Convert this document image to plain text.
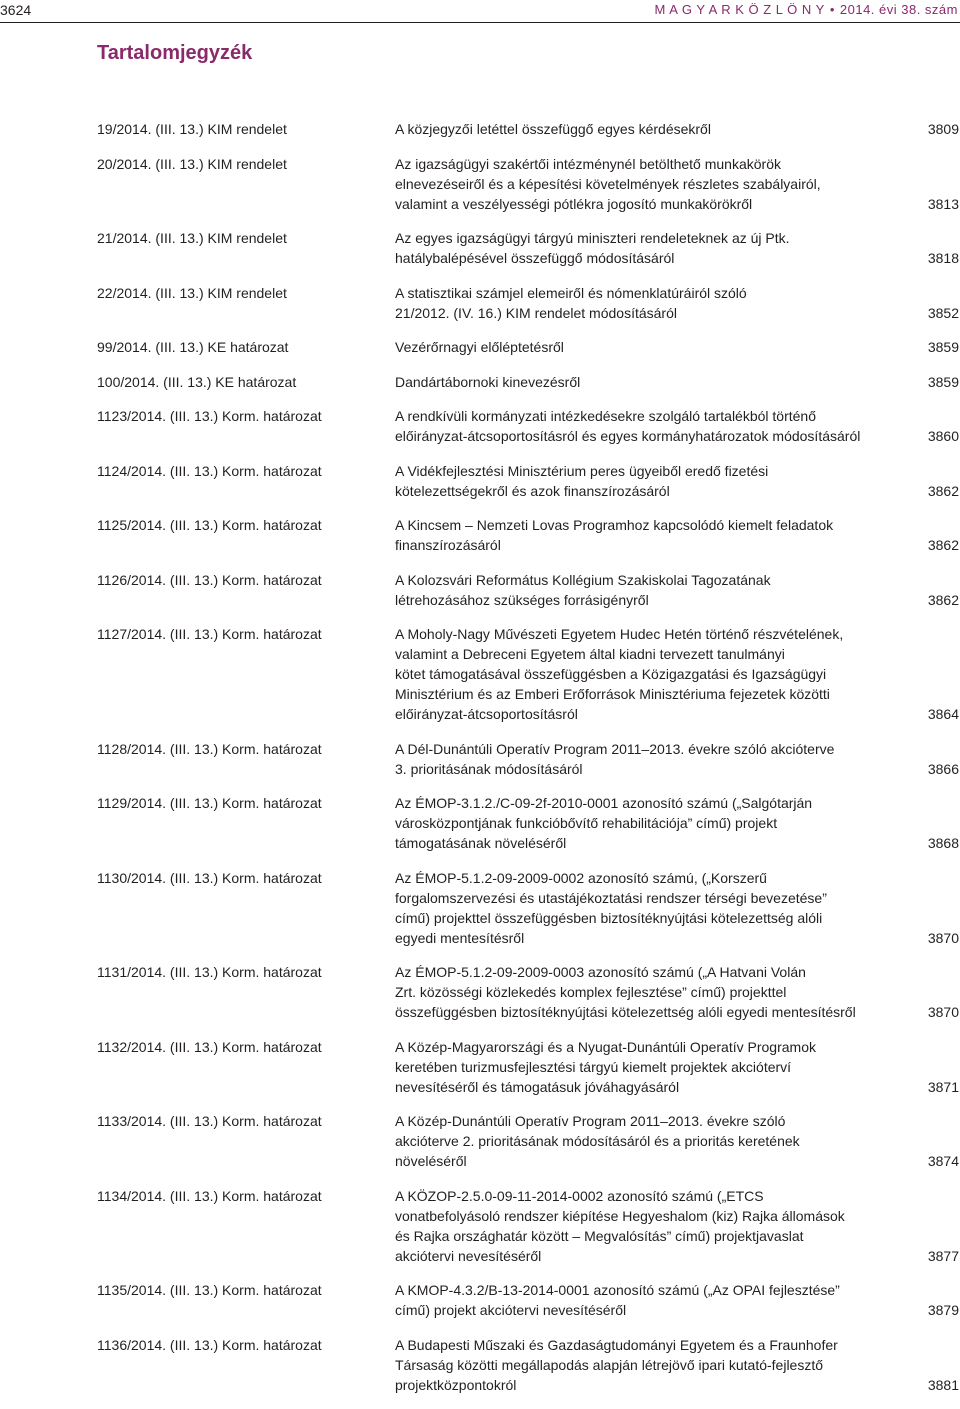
3624	M A G Y A R K Ö Z L Ö N Y • 2014. évi 38. szám
Tartalomjegyzék
19/2014. (III. 13.) KIM rendelet	A közjegyzői letéttel összefüggő egyes kérdésekről	3809
20/2014. (III. 13.) KIM rendelet	Az igazságügyi szakértői intézménynél betölthető munkakörök
elnevezéseiről és a képesítési követelmények részletes szabályairól,
valamint a veszélyességi pótlékra jogosító munkakörökről	3813
21/2014. (III. 13.) KIM rendelet	Az egyes igazságügyi tárgyú miniszteri rendeleteknek az új Ptk.
hatálybalépésével összefüggő módosításáról	3818
22/2014. (III. 13.) KIM rendelet	A statisztikai számjel elemeiről és nómenklatúráiról szóló
21/2012. (IV. 16.) KIM rendelet módosításáról	3852
99/2014. (III. 13.) KE határozat	Vezérőrnagyi előléptetésről	3859
100/2014. (III. 13.) KE határozat	Dandártábornoki kinevezésről	3859
1123/2014. (III. 13.) Korm. határozat	A rendkívüli kormányzati intézkedésekre szolgáló tartalékból történő
előirányzat-átcsoportosításról és egyes kormányhatározatok módosításáról	3860
1124/2014. (III. 13.) Korm. határozat	A Vidékfejlesztési Minisztérium peres ügyeiből eredő fizetési
kötelezettségekről és azok finanszírozásáról	3862
1125/2014. (III. 13.) Korm. határozat	A Kincsem – Nemzeti Lovas Programhoz kapcsolódó kiemelt feladatok
finanszírozásáról	3862
1126/2014. (III. 13.) Korm. határozat	A Kolozsvári Református Kollégium Szakiskolai Tagozatának
létrehozásához szükséges forrásigényről	3862
1127/2014. (III. 13.) Korm. határozat	A Moholy-Nagy Művészeti Egyetem Hudec Hetén történő részvételének,
valamint a Debreceni Egyetem által kiadni tervezett tanulmányi
kötet támogatásával összefüggésben a Közigazgatási és Igazságügyi
Minisztérium és az Emberi Erőforrások Minisztériuma fejezetek közötti
előirányzat-átcsoportosításról	3864
1128/2014. (III. 13.) Korm. határozat	A Dél-Dunántúli Operatív Program 2011–2013. évekre szóló akcióterve
3. prioritásának módosításáról	3866
1129/2014. (III. 13.) Korm. határozat	Az ÉMOP-3.1.2./C-09-2f-2010-0001 azonosító számú („Salgótarján
városközpontjának funkcióbővítő rehabilitációja” című) projekt
támogatásának növeléséről	3868
1130/2014. (III. 13.) Korm. határozat	Az ÉMOP-5.1.2-09-2009-0002 azonosító számú, („Korszerű
forgalomszervezési és utastájékoztatási rendszer térségi bevezetése”
című) projekttel összefüggésben biztosítéknyújtási kötelezettség alóli
egyedi mentesítésről	3870
1131/2014. (III. 13.) Korm. határozat	Az ÉMOP-5.1.2-09-2009-0003 azonosító számú („A Hatvani Volán
Zrt. közösségi közlekedés komplex fejlesztése” című) projekttel
összefüggésben biztosítéknyújtási kötelezettség alóli egyedi mentesítésről	3870
1132/2014. (III. 13.) Korm. határozat	A Közép-Magyarországi és a Nyugat-Dunántúli Operatív Programok
keretében turizmusfejlesztési tárgyú kiemelt projektek akcióterví
nevesítéséről és támogatásuk jóváhagyásáról	3871
1133/2014. (III. 13.) Korm. határozat	A Közép-Dunántúli Operatív Program 2011–2013. évekre szóló
akcióterve 2. prioritásának módosításáról és a prioritás keretének
növeléséről	3874
1134/2014. (III. 13.) Korm. határozat	A KÖZOP-2.5.0-09-11-2014-0002 azonosító számú („ETCS
vonatbefolyásoló rendszer kiépítése Hegyeshalom (kiz) Rajka állomások
és Rajka országhatár között – Megvalósítás” című) projektjavaslat
akciótervi nevesítéséről	3877
1135/2014. (III. 13.) Korm. határozat	A KMOP-4.3.2/B-13-2014-0001 azonosító számú („Az OPAI fejlesztése”
című) projekt akciótervi nevesítéséről	3879
1136/2014. (III. 13.) Korm. határozat	A Budapesti Műszaki és Gazdaságtudományi Egyetem és a Fraunhofer
Társaság közötti megállapodás alapján létrejövő ipari kutató-fejlesztő
projektközpontokról	3881
